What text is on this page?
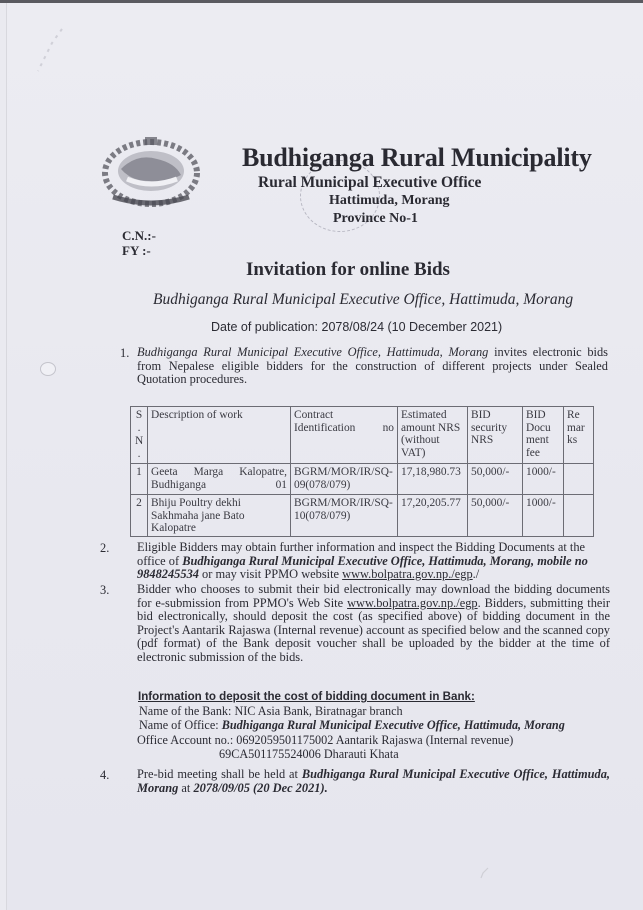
Budhiganga Rural Municipality
Rural Municipal Executive Office
Hattimuda, Morang
Province No-1
C.N.:-
FY :-
Invitation for online Bids
Budhiganga Rural Municipal Executive Office, Hattimuda, Morang
Date of publication: 2078/08/24 (10 December 2021)
1. Budhiganga Rural Municipal Executive Office, Hattimuda, Morang invites electronic bids from Nepalese eligible bidders for the construction of different projects under Sealed Quotation procedures.
S . N .	Description of work	Contract Identification no	Estimated amount NRS (without VAT)	BID security NRS	BID Docu ment fee	Re mar ks
1	Geeta Marga Kalopatre, Budhiganga 01	BGRM/MOR/IR/SQ-09(078/079)	17,18,980.73	50,000/-	1000/-	
2	Bhiju Poultry dekhi Sakhmaha jane Bato Kalopatre	BGRM/MOR/IR/SQ-10(078/079)	17,20,205.77	50,000/-	1000/-	
2. Eligible Bidders may obtain further information and inspect the Bidding Documents at the office of Budhiganga Rural Municipal Executive Office, Hattimuda, Morang, mobile no 9848245534 or may visit PPMO website www.bolpatra.gov.np./egp./
3. Bidder who chooses to submit their bid electronically may download the bidding documents for e-submission from PPMO's Web Site www.bolpatra.gov.np./egp. Bidders, submitting their bid electronically, should deposit the cost (as specified above) of bidding document in the Project's Aantarik Rajaswa (Internal revenue) account as specified below and the scanned copy (pdf format) of the Bank deposit voucher shall be uploaded by the bidder at the time of electronic submission of the bids.
Information to deposit the cost of bidding document in Bank:
Name of the Bank: NIC Asia Bank, Biratnagar branch
Name of Office: Budhiganga Rural Municipal Executive Office, Hattimuda, Morang
Office Account no.: 0692059501175002 Aantarik Rajaswa (Internal revenue)
69CA501175524006 Dharauti Khata
4. Pre-bid meeting shall be held at Budhiganga Rural Municipal Executive Office, Hattimuda, Morang at 2078/09/05 (20 Dec 2021).
